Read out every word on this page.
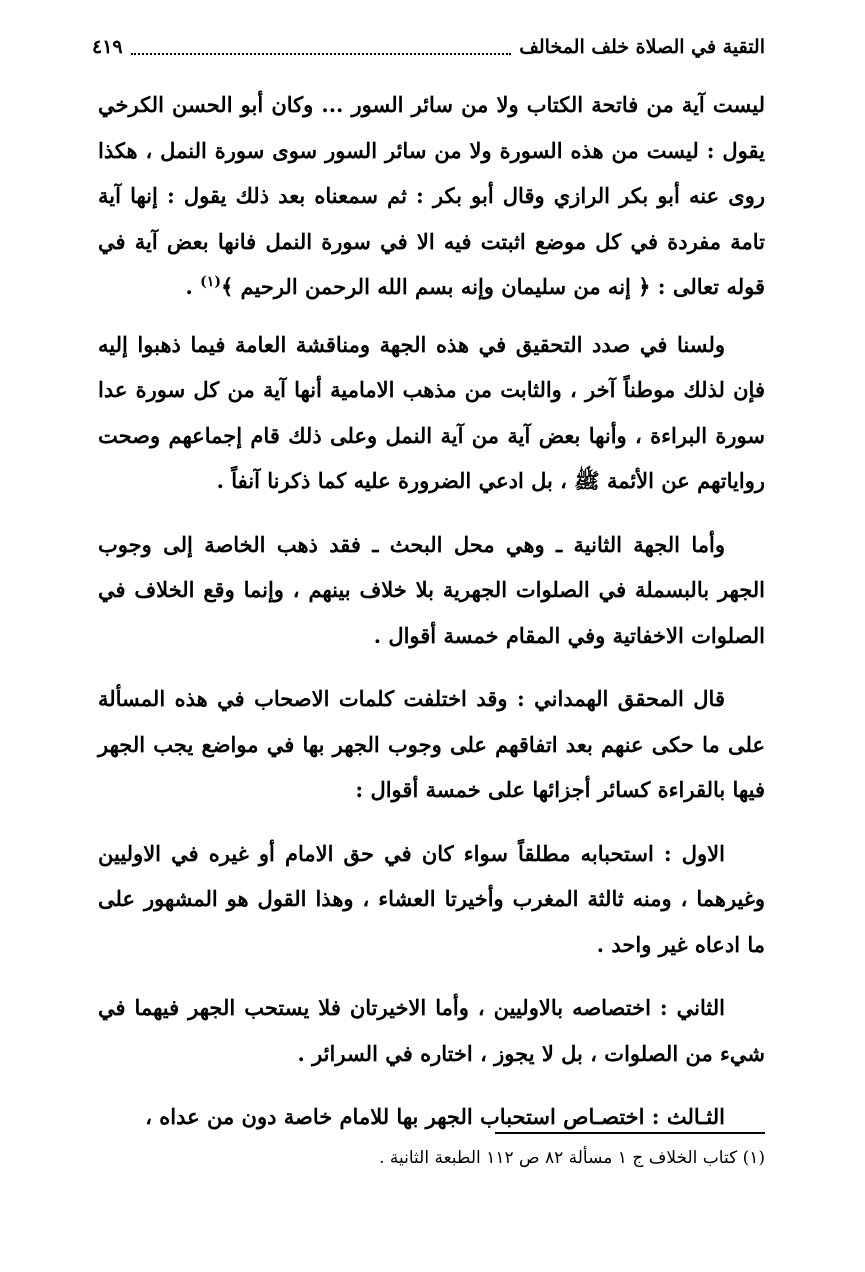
التقية في الصلاة خلف المخالف
٤١٩

ليست آية من فاتحة الكتاب ولا من سائر السور ... وكان أبو الحسن الكرخي يقول : ليست من هذه السورة ولا من سائر السور سوى سورة النمل ، هكذا روى عنه أبو بكر الرازي وقال أبو بكر : ثم سمعناه بعد ذلك يقول : إنها آية تامة مفردة في كل موضع اثبتت فيه الا في سورة النمل فانها بعض آية في قوله تعالى : ﴿ إنه من سليمان وإنه بسم الله الرحمن الرحيم ﴾$^{(١)}$ .

ولسنا في صدد التحقيق في هذه الجهة ومناقشة العامة فيما ذهبوا إليه فإن لذلك موطناً آخر ، والثابت من مذهب الامامية أنها آية من كل سورة عدا سورة البراءة ، وأنها بعض آية من آية النمل وعلى ذلك قام إجماعهم وصحت رواياتهم عن الأئمة ﷺ ، بل ادعي الضرورة عليه كما ذكرنا آنفاً .

وأما الجهة الثانية ـ وهي محل البحث ـ فقد ذهب الخاصة إلى وجوب الجهر بالبسملة في الصلوات الجهرية بلا خلاف بينهم ، وإنما وقع الخلاف في الصلوات الاخفاتية وفي المقام خمسة أقوال .

قال المحقق الهمداني : وقد اختلفت كلمات الاصحاب في هذه المسألة على ما حكى عنهم بعد اتفاقهم على وجوب الجهر بها في مواضع يجب الجهر فيها بالقراءة كسائر أجزائها على خمسة أقوال :

الاول : استحبابه مطلقاً سواء كان في حق الامام أو غيره في الاوليين وغيرهما ، ومنه ثالثة المغرب وأخيرتا العشاء ، وهذا القول هو المشهور على ما ادعاه غير واحد .

الثاني : اختصاصه بالاوليين ، وأما الاخيرتان فلا يستحب الجهر فيهما في شيء من الصلوات ، بل لا يجوز ، اختاره في السرائر .

الثـالث : اختصـاص استحباب الجهر بها للامام خاصة دون من عداه ،

(١) كتاب الخلاف ج ١ مسألة ٨٢ ص ١١٢ الطبعة الثانية .
